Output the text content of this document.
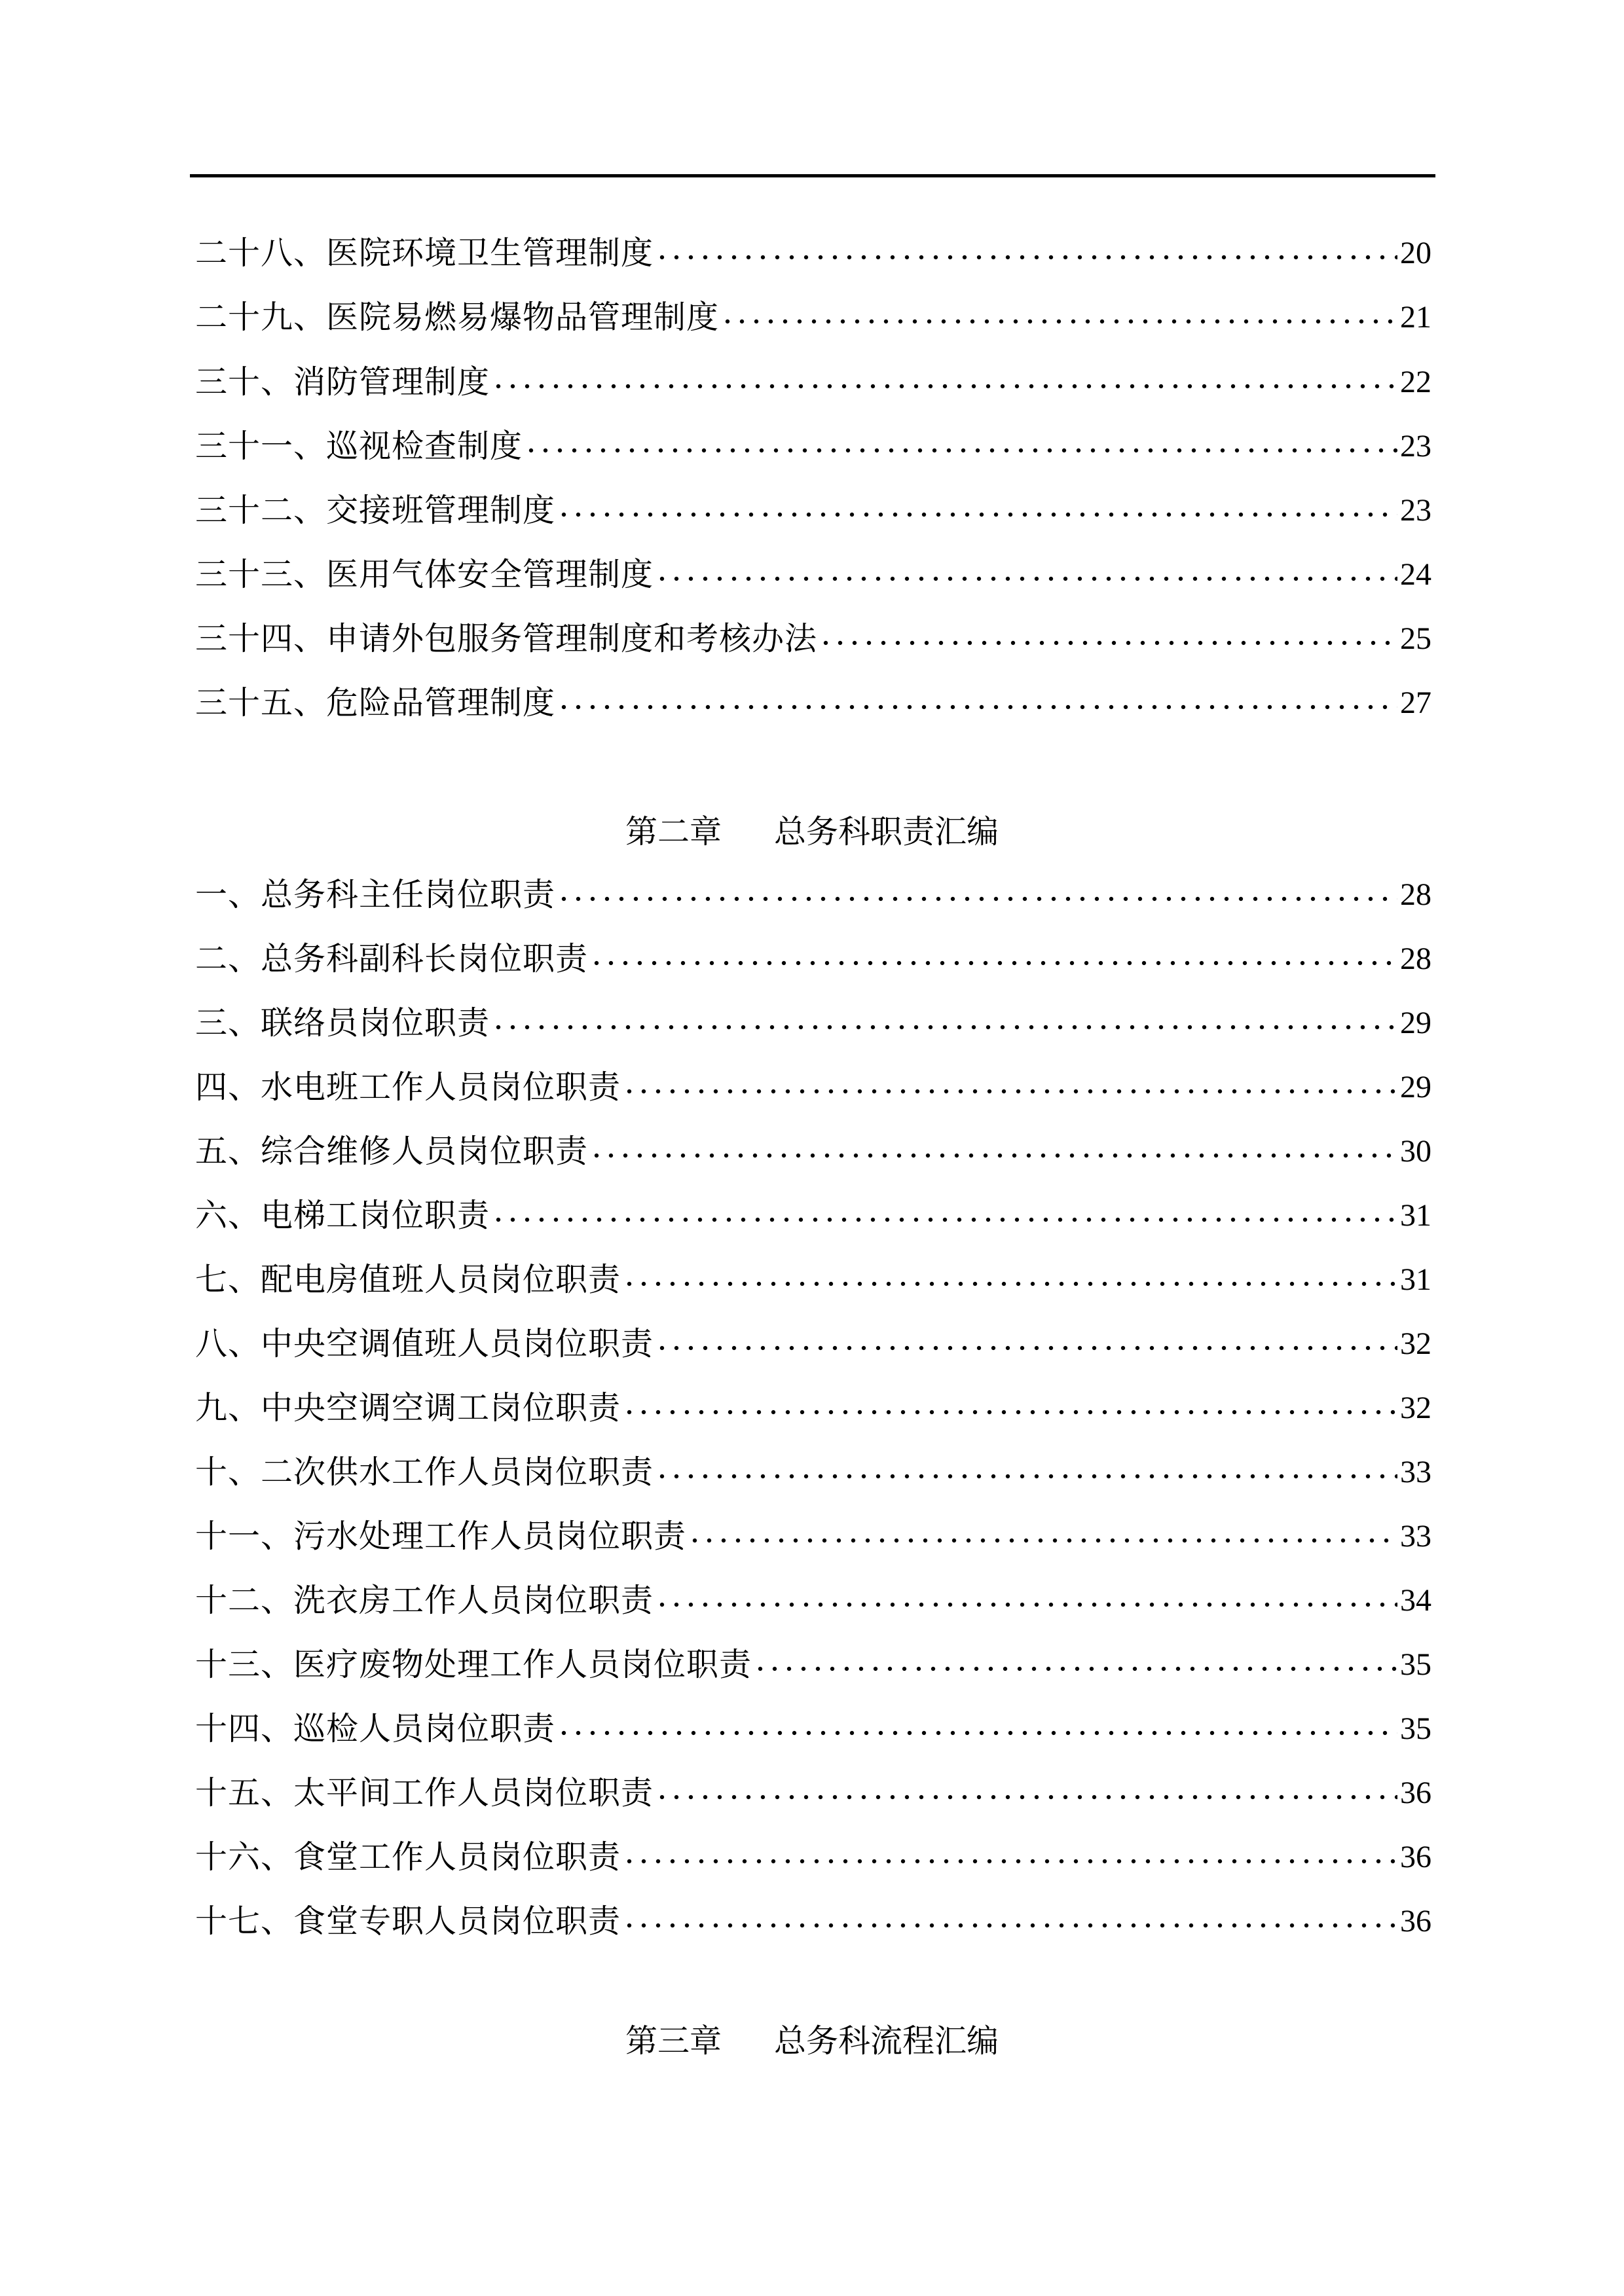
二十八、医院环境卫生管理制度	20
二十九、医院易燃易爆物品管理制度	21
三十、消防管理制度	22
三十一、巡视检查制度	23
三十二、交接班管理制度	23
三十三、医用气体安全管理制度	24
三十四、申请外包服务管理制度和考核办法	25
三十五、危险品管理制度	27
第二章 总务科职责汇编
一、总务科主任岗位职责	28
二、总务科副科长岗位职责	28
三、联络员岗位职责	29
四、水电班工作人员岗位职责	29
五、综合维修人员岗位职责	30
六、电梯工岗位职责	31
七、配电房值班人员岗位职责	31
八、中央空调值班人员岗位职责	32
九、中央空调空调工岗位职责	32
十、二次供水工作人员岗位职责	33
十一、污水处理工作人员岗位职责	33
十二、洗衣房工作人员岗位职责	34
十三、医疗废物处理工作人员岗位职责	35
十四、巡检人员岗位职责	35
十五、太平间工作人员岗位职责	36
十六、食堂工作人员岗位职责	36
十七、食堂专职人员岗位职责	36
第三章 总务科流程汇编
